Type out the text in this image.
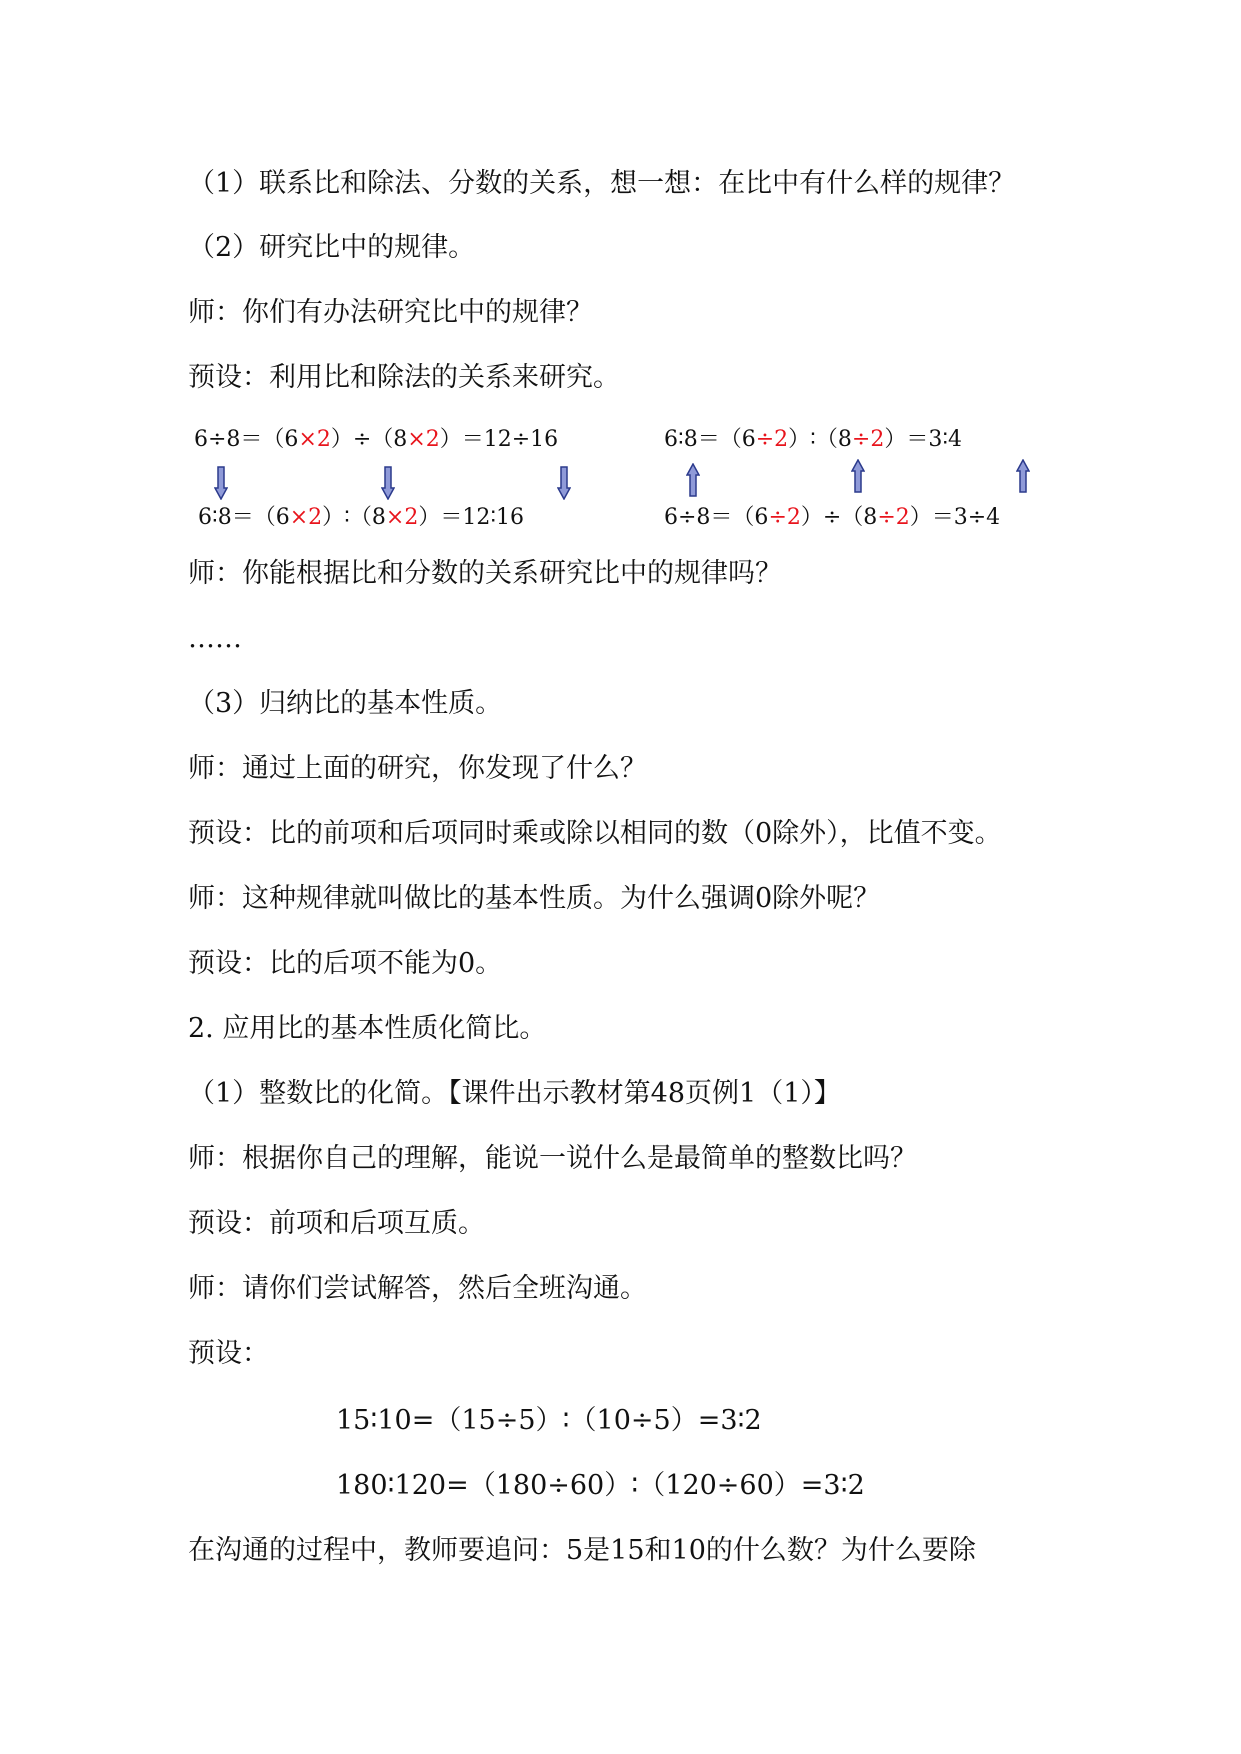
（1）联系比和除法、分数的关系，想一想：在比中有什么样的规律？
（2）研究比中的规律。
师：你们有办法研究比中的规律？
预设：利用比和除法的关系来研究。
6÷8＝（6×2）÷（8×2）＝12÷16	6∶8＝（6÷2）∶（8÷2）＝3∶4
6∶8＝（6×2）∶（8×2）＝12∶16	6÷8＝（6÷2）÷（8÷2）＝3÷4
师：你能根据比和分数的关系研究比中的规律吗？
……
（3）归纳比的基本性质。
师：通过上面的研究，你发现了什么？
预设：比的前项和后项同时乘或除以相同的数（0除外），比值不变。
师：这种规律就叫做比的基本性质。为什么强调0除外呢？
预设：比的后项不能为0。
2. 应用比的基本性质化简比。
（1）整数比的化简。【课件出示教材第48页例1（1）】
师：根据你自己的理解，能说一说什么是最简单的整数比吗？
预设：前项和后项互质。
师：请你们尝试解答，然后全班沟通。
预设：
15∶10=（15÷5）∶（10÷5）=3∶2
180∶120=（180÷60）∶（120÷60）=3∶2
在沟通的过程中，教师要追问：5是15和10的什么数？为什么要除
